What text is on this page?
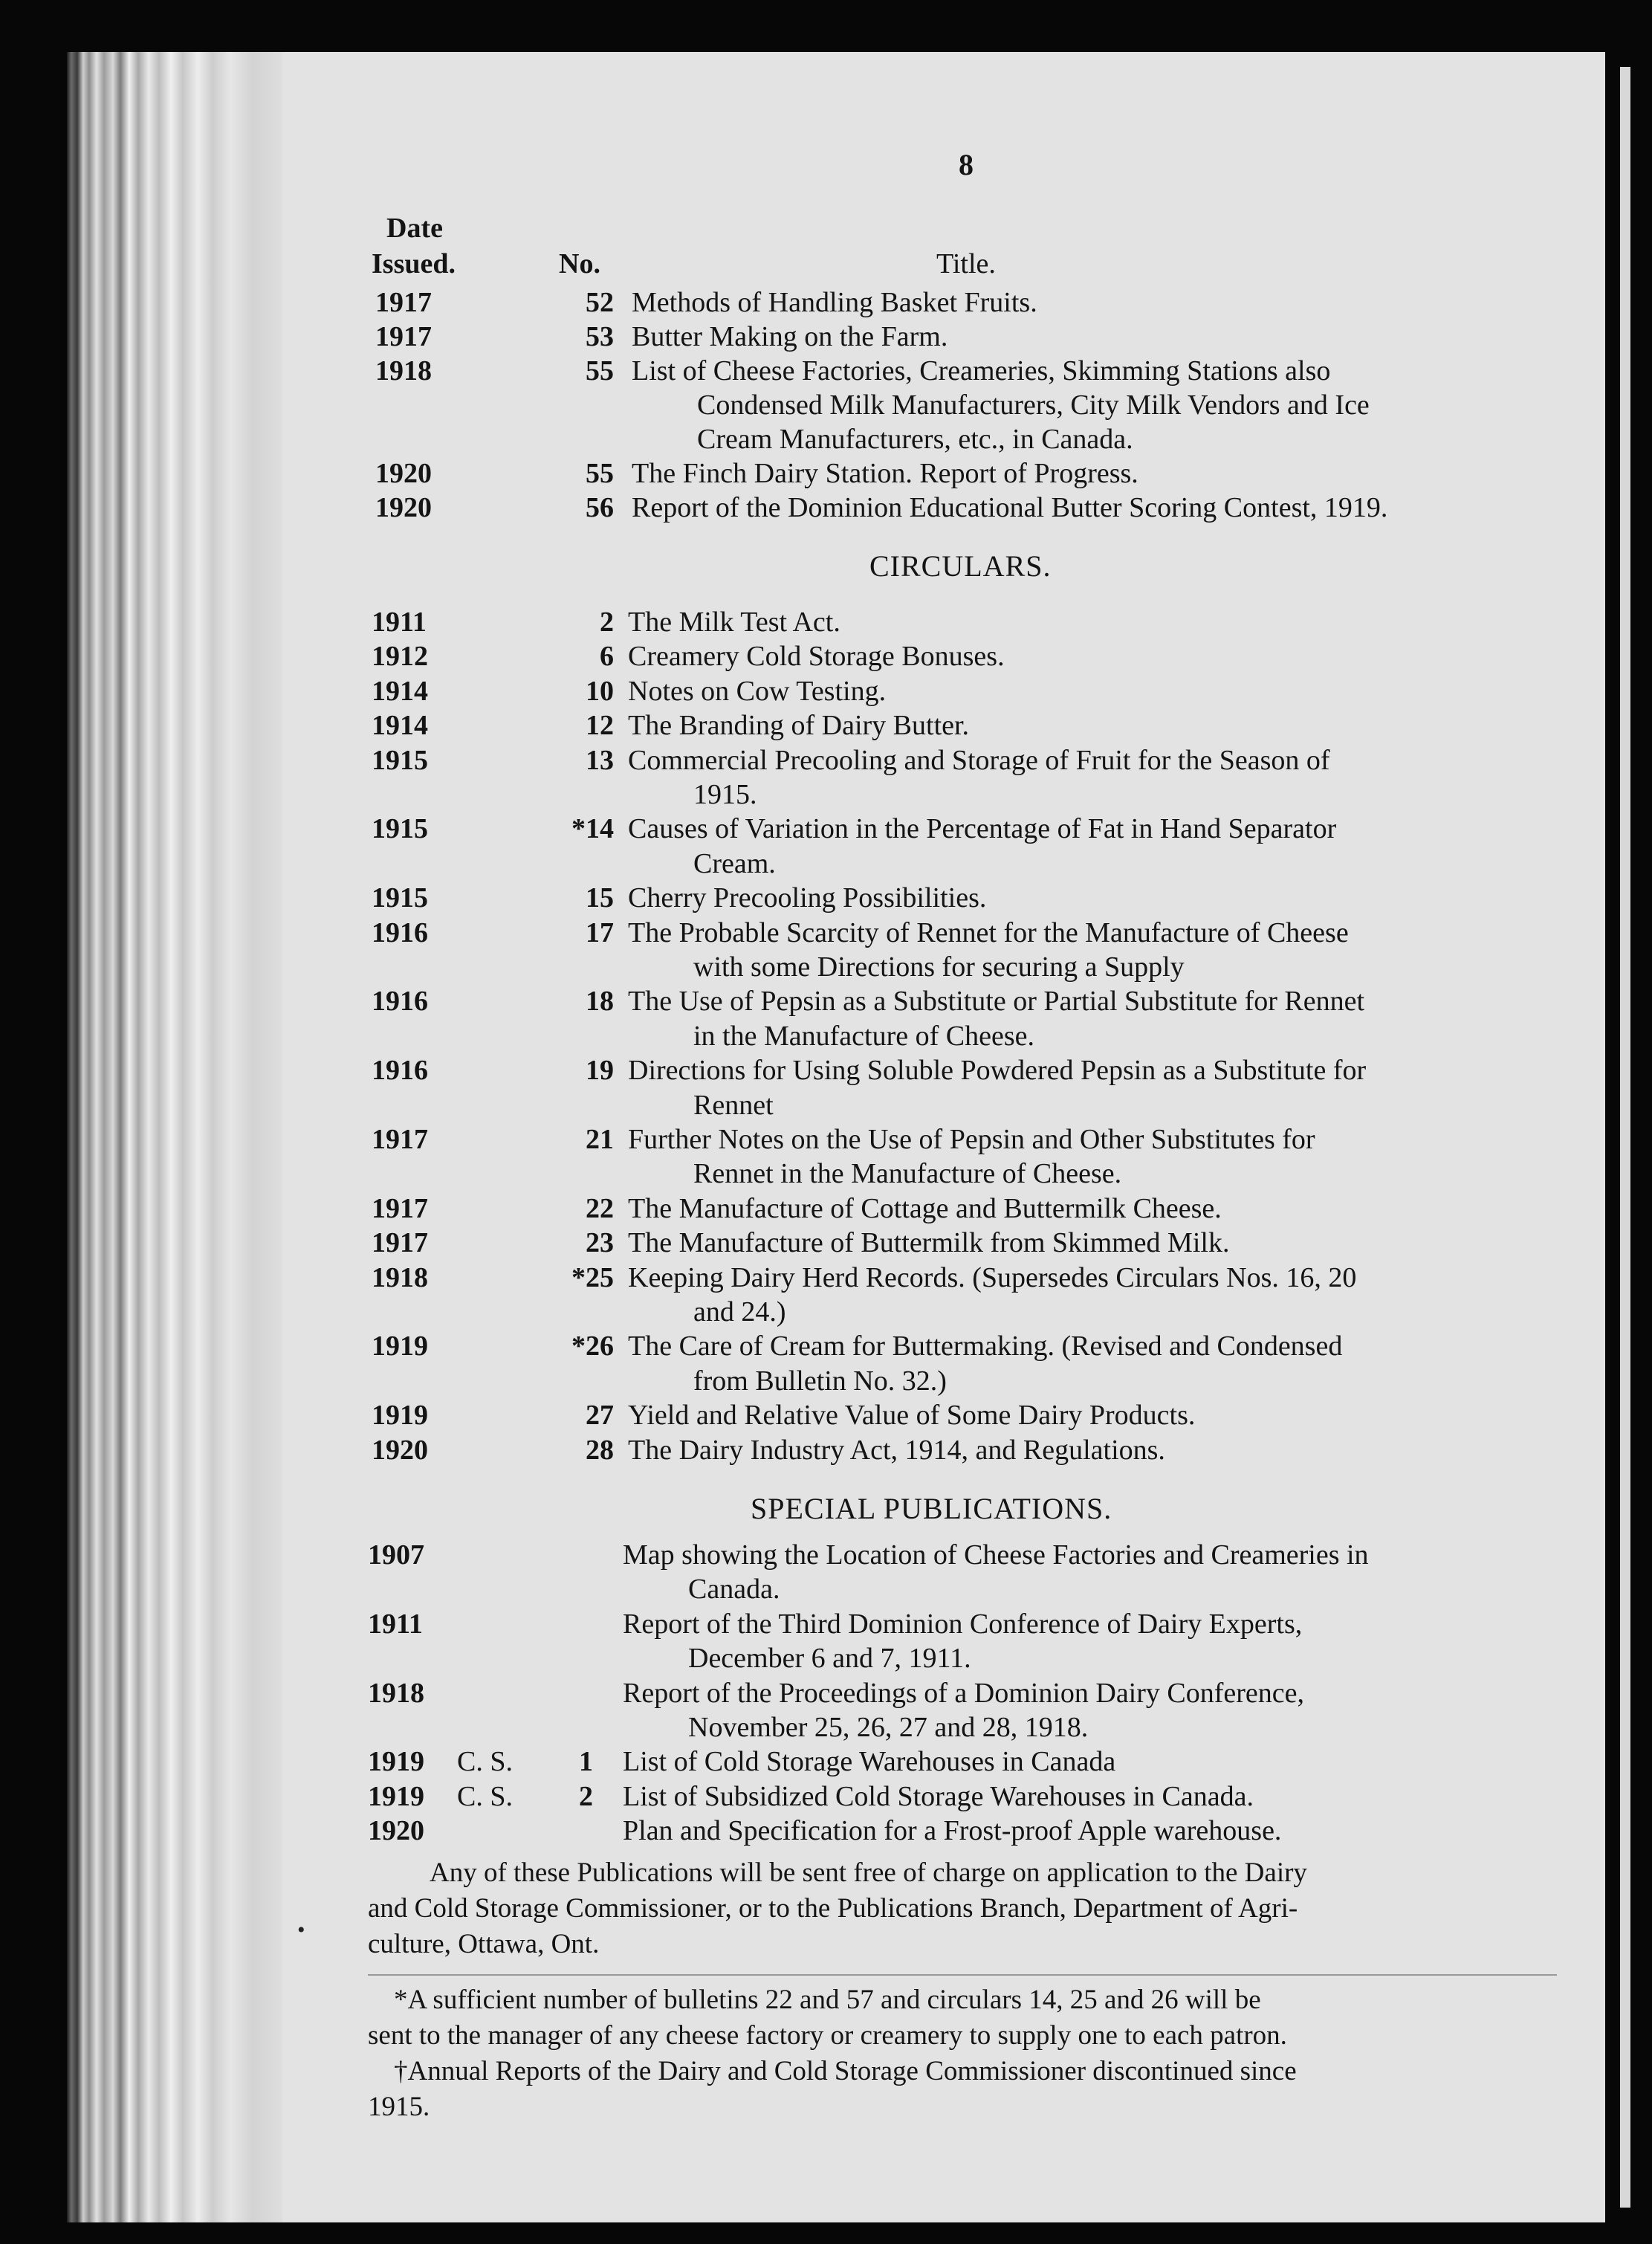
8
Date
Issued.	No.	Title.
1917	52 Methods of Handling Basket Fruits.
1917	53 Butter Making on the Farm.
1918	55 List of Cheese Factories, Creameries, Skimming Stations also
Condensed Milk Manufacturers, City Milk Vendors and Ice
Cream Manufacturers, etc., in Canada.
1920	55 The Finch Dairy Station. Report of Progress.
1920	56 Report of the Dominion Educational Butter Scoring Contest, 1919.
CIRCULARS.
1911	2 The Milk Test Act.
1912	6 Creamery Cold Storage Bonuses.
1914	10 Notes on Cow Testing.
1914	12 The Branding of Dairy Butter.
1915	13 Commercial Precooling and Storage of Fruit for the Season of
1915.
1915	*14 Causes of Variation in the Percentage of Fat in Hand Separator
Cream.
1915	15 Cherry Precooling Possibilities.
1916	17 The Probable Scarcity of Rennet for the Manufacture of Cheese
with some Directions for securing a Supply
1916	18 The Use of Pepsin as a Substitute or Partial Substitute for Rennet
in the Manufacture of Cheese.
1916	19 Directions for Using Soluble Powdered Pepsin as a Substitute for
Rennet
1917	21 Further Notes on the Use of Pepsin and Other Substitutes for
Rennet in the Manufacture of Cheese.
1917	22 The Manufacture of Cottage and Buttermilk Cheese.
1917	23 The Manufacture of Buttermilk from Skimmed Milk.
1918	*25 Keeping Dairy Herd Records. (Supersedes Circulars Nos. 16, 20
and 24.)
1919	*26 The Care of Cream for Buttermaking. (Revised and Condensed
from Bulletin No. 32.)
1919	27 Yield and Relative Value of Some Dairy Products.
1920	28 The Dairy Industry Act, 1914, and Regulations.
SPECIAL PUBLICATIONS.
1907	Map showing the Location of Cheese Factories and Creameries in
Canada.
1911	Report of the Third Dominion Conference of Dairy Experts,
December 6 and 7, 1911.
1918	Report of the Proceedings of a Dominion Dairy Conference,
November 25, 26, 27 and 28, 1918.
1919 C. S.	1 List of Cold Storage Warehouses in Canada
1919 C. S.	2 List of Subsidized Cold Storage Warehouses in Canada.
1920	Plan and Specification for a Frost-proof Apple warehouse.
Any of these Publications will be sent free of charge on application to the Dairy
and Cold Storage Commissioner, or to the Publications Branch, Department of Agri-
culture, Ottawa, Ont.
*A sufficient number of bulletins 22 and 57 and circulars 14, 25 and 26 will be
sent to the manager of any cheese factory or creamery to supply one to each patron.
†Annual Reports of the Dairy and Cold Storage Commissioner discontinued since
1915.
•
